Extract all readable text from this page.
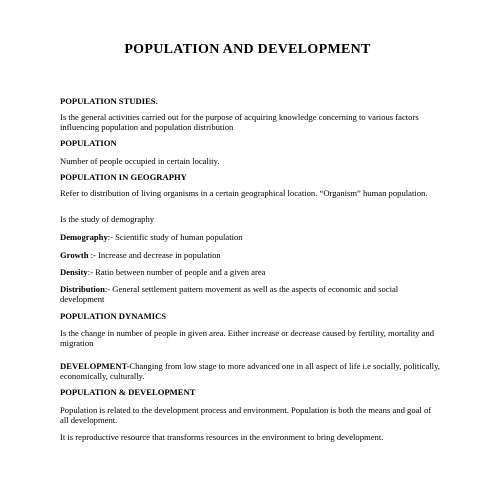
POPULATION AND DEVELOPMENT

POPULATION STUDIES.

Is the general activities carried out for the purpose of acquiring knowledge concerning to various factors influencing population and population distribution

POPULATION

Number of people occupied in certain locality.

POPULATION IN GEOGRAPHY

Refer to distribution of living organisms in a certain geographical location. “Organism” human population.

Is the study of demography

Demography:- Scientific study of human population

Growth :- Increase and decrease in population

Density:- Ratio between number of people and a given area

Distribution:- General settlement pattern movement as well as the aspects of economic and social development

POPULATION DYNAMICS

Is the change in number of people in given area. Either increase or decrease caused by fertility, mortality and migration

DEVELOPMENT-Changing from low stage to more advanced one in all aspect of life i.e socially, politically, economically, culturally.

POPULATION & DEVELOPMENT

Population is related to the development process and environment. Population is both the means and goal of all development.

It is reproductive resource that transforms resources in the environment to bring development.
